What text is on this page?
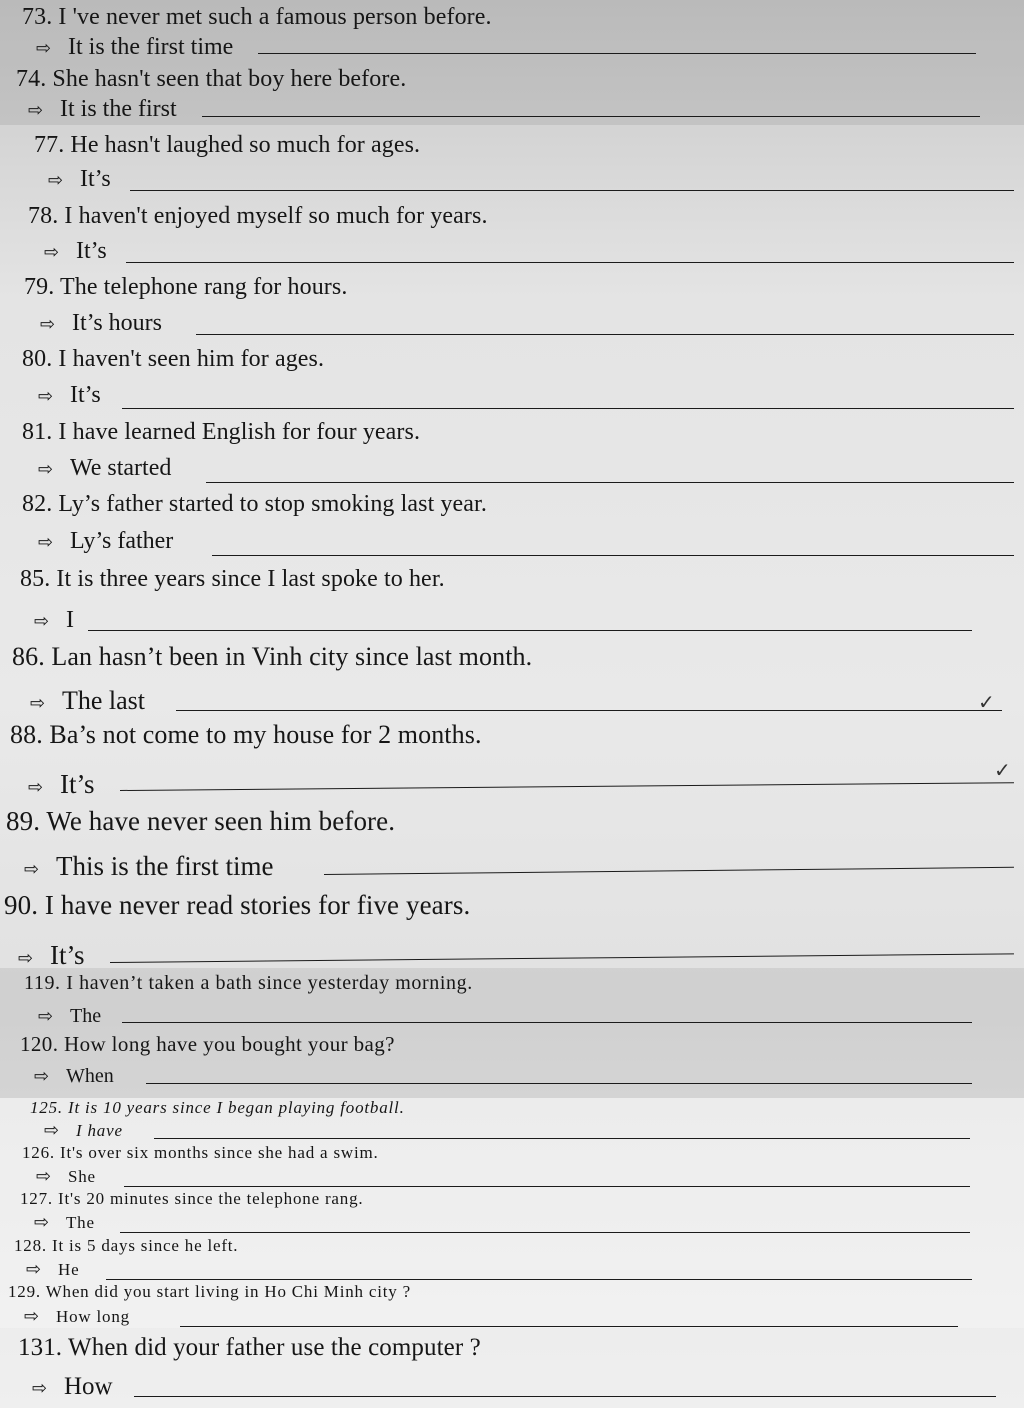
73. I 've never met such a famous person before.
⇨ It is the first time
74. She hasn't seen that boy here before.
⇨ It is the first
77. He hasn't laughed so much for ages.
⇨ It’s
78. I haven't enjoyed myself so much for years.
⇨ It’s
79. The telephone rang for hours.
⇨ It’s hours
80. I haven't seen him for ages.
⇨ It’s
81. I have learned English for four years.
⇨ We started
82. Ly’s father started to stop smoking last year.
⇨ Ly’s father
85. It is three years since I last spoke to her.
⇨ I
86. Lan hasn’t been in Vinh city since last month.
⇨ The last	✓
88. Ba’s not come to my house for 2 months.
⇨ It’s	✓
89. We have never seen him before.
⇨ This is the first time
90. I have never read stories for five years.
⇨ It’s
119. I haven’t taken a bath since yesterday morning.
⇨ The
120. How long have you bought your bag?
⇨ When
125. It is 10 years since I began playing football.
⇨ I have
126. It's over six months since she had a swim.
⇨ She
127. It's 20 minutes since the telephone rang.
⇨ The
128. It is 5 days since he left.
⇨ He
129. When did you start living in Ho Chi Minh city ?
⇨ How long
131. When did your father use the computer ?
⇨ How
